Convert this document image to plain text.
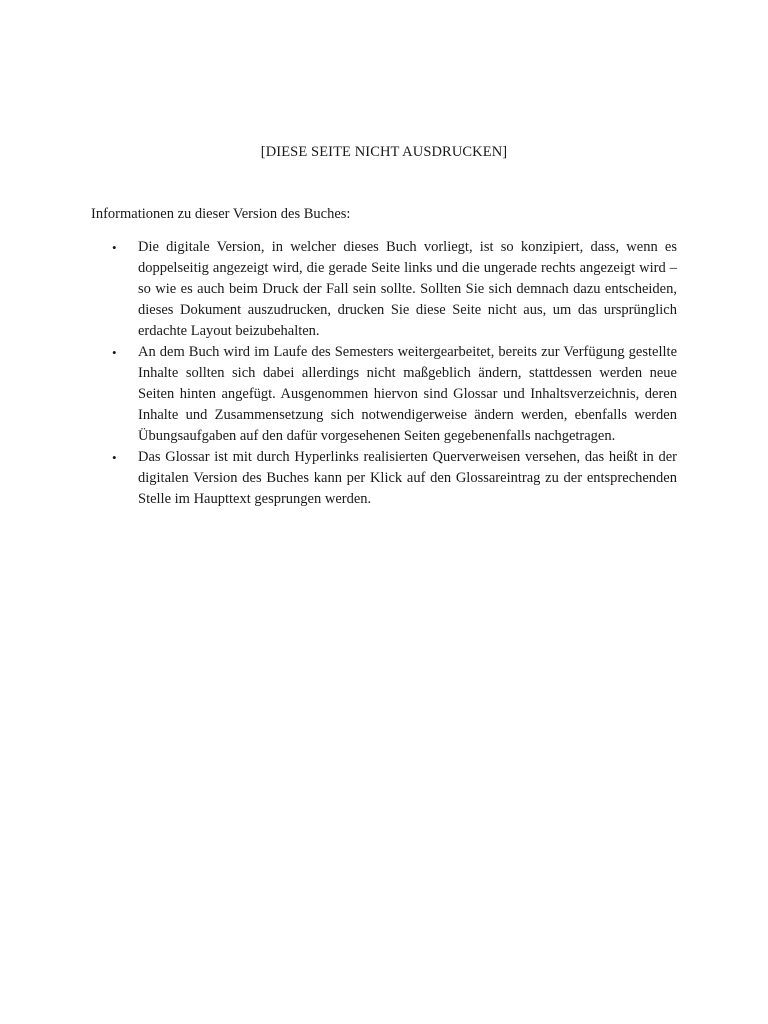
[DIESE SEITE NICHT AUSDRUCKEN]
Informationen zu dieser Version des Buches:
• Die digitale Version, in welcher dieses Buch vorliegt, ist so konzipiert, dass, wenn es doppelseitig angezeigt wird, die gerade Seite links und die ungerade rechts angezeigt wird – so wie es auch beim Druck der Fall sein sollte. Sollten Sie sich demnach dazu entscheiden, dieses Dokument auszudrucken, drucken Sie diese Seite nicht aus, um das ursprünglich erdachte Layout beizubehalten.
• An dem Buch wird im Laufe des Semesters weitergearbeitet, bereits zur Verfügung gestellte Inhalte sollten sich dabei allerdings nicht maßgeblich ändern, stattdessen werden neue Seiten hinten angefügt. Ausgenommen hiervon sind Glossar und Inhaltsverzeichnis, deren Inhalte und Zusammensetzung sich notwendigerweise ändern werden, ebenfalls werden Übungsaufgaben auf den dafür vorgesehenen Seiten gegebenenfalls nachgetragen.
• Das Glossar ist mit durch Hyperlinks realisierten Querverweisen versehen, das heißt in der digitalen Version des Buches kann per Klick auf den Glossareintrag zu der entsprechenden Stelle im Haupttext gesprungen werden.
